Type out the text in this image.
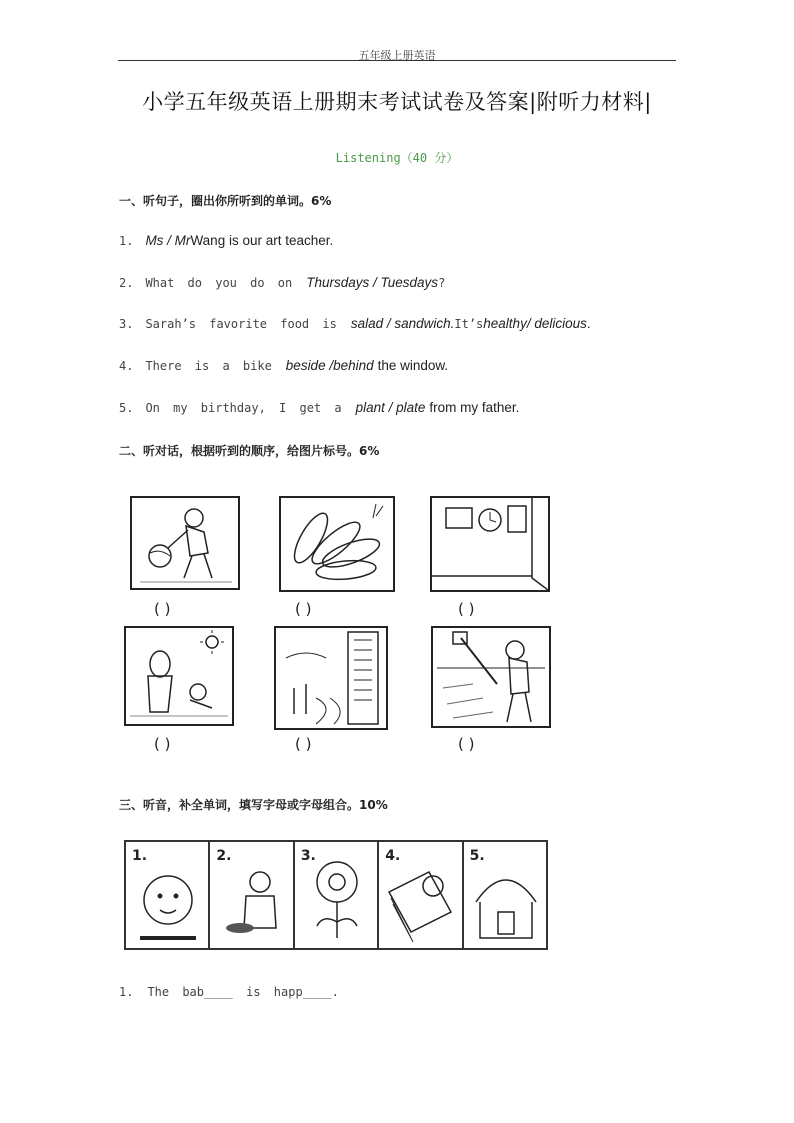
五年级上册英语
小学五年级英语上册期末考试试卷及答案|附听力材料|
Listening（40 分）
一、听句子，圈出你所听到的单词。6%
1. Ms / MrWang is our art teacher.
2. What do you do on Thursdays / Tuesdays?
3. Sarah’s favorite food is salad / sandwich.It’shealthy/ delicious.
4. There is a bike beside /behind the window.
5. On my birthday, I get a plant / plate from my father.
二、听对话，根据听到的顺序，给图片标号。6%
( )	( )	( )
( )	( )	( )
三、听音，补全单词，填写字母或字母组合。10%
1.	2.	3.	4.	5.
1. The bab____ is happ____.
